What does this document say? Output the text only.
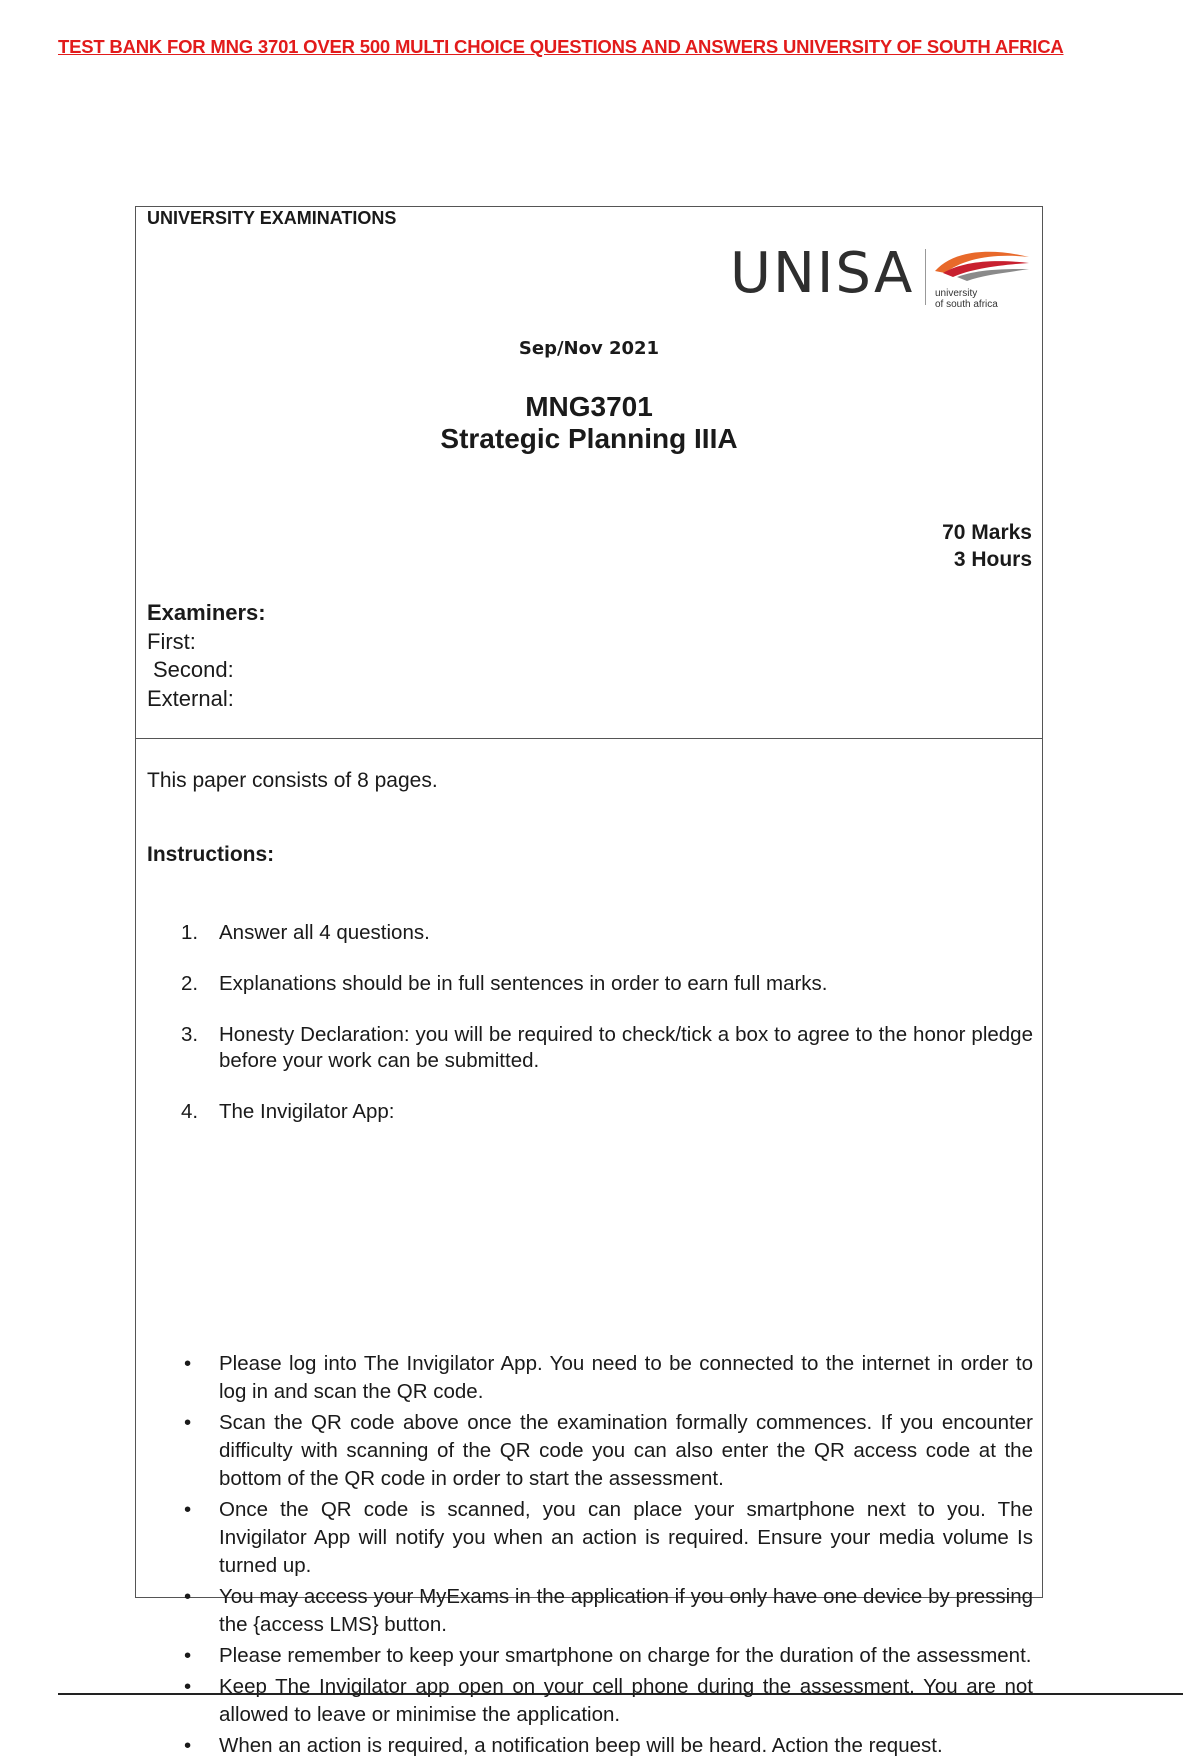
TEST BANK FOR MNG 3701 OVER 500 MULTI CHOICE QUESTIONS AND ANSWERS UNIVERSITY OF SOUTH AFRICA
UNIVERSITY EXAMINATIONS
UNISA university
of south africa
Sep/Nov 2021
MNG3701
Strategic Planning IIIA
70 Marks
3 Hours
Examiners:
First:
Second:
External:
This paper consists of 8 pages.
Instructions:
1. Answer all 4 questions.
2. Explanations should be in full sentences in order to earn full marks.
3. Honesty Declaration: you will be required to check/tick a box to agree to the honor pledge before your work can be submitted.
4. The Invigilator App:
• Please log into The Invigilator App. You need to be connected to the internet in order to log in and scan the QR code.
• Scan the QR code above once the examination formally commences. If you encounter difficulty with scanning of the QR code you can also enter the QR access code at the bottom of the QR code in order to start the assessment.
• Once the QR code is scanned, you can place your smartphone next to you. The Invigilator App will notify you when an action is required. Ensure your media volume Is turned up.
• You may access your MyExams in the application if you only have one device by pressing the {access LMS} button.
• Please remember to keep your smartphone on charge for the duration of the assessment.
• Keep The Invigilator app open on your cell phone during the assessment. You are not allowed to leave or minimise the application.
• When an action is required, a notification beep will be heard. Action the request.
